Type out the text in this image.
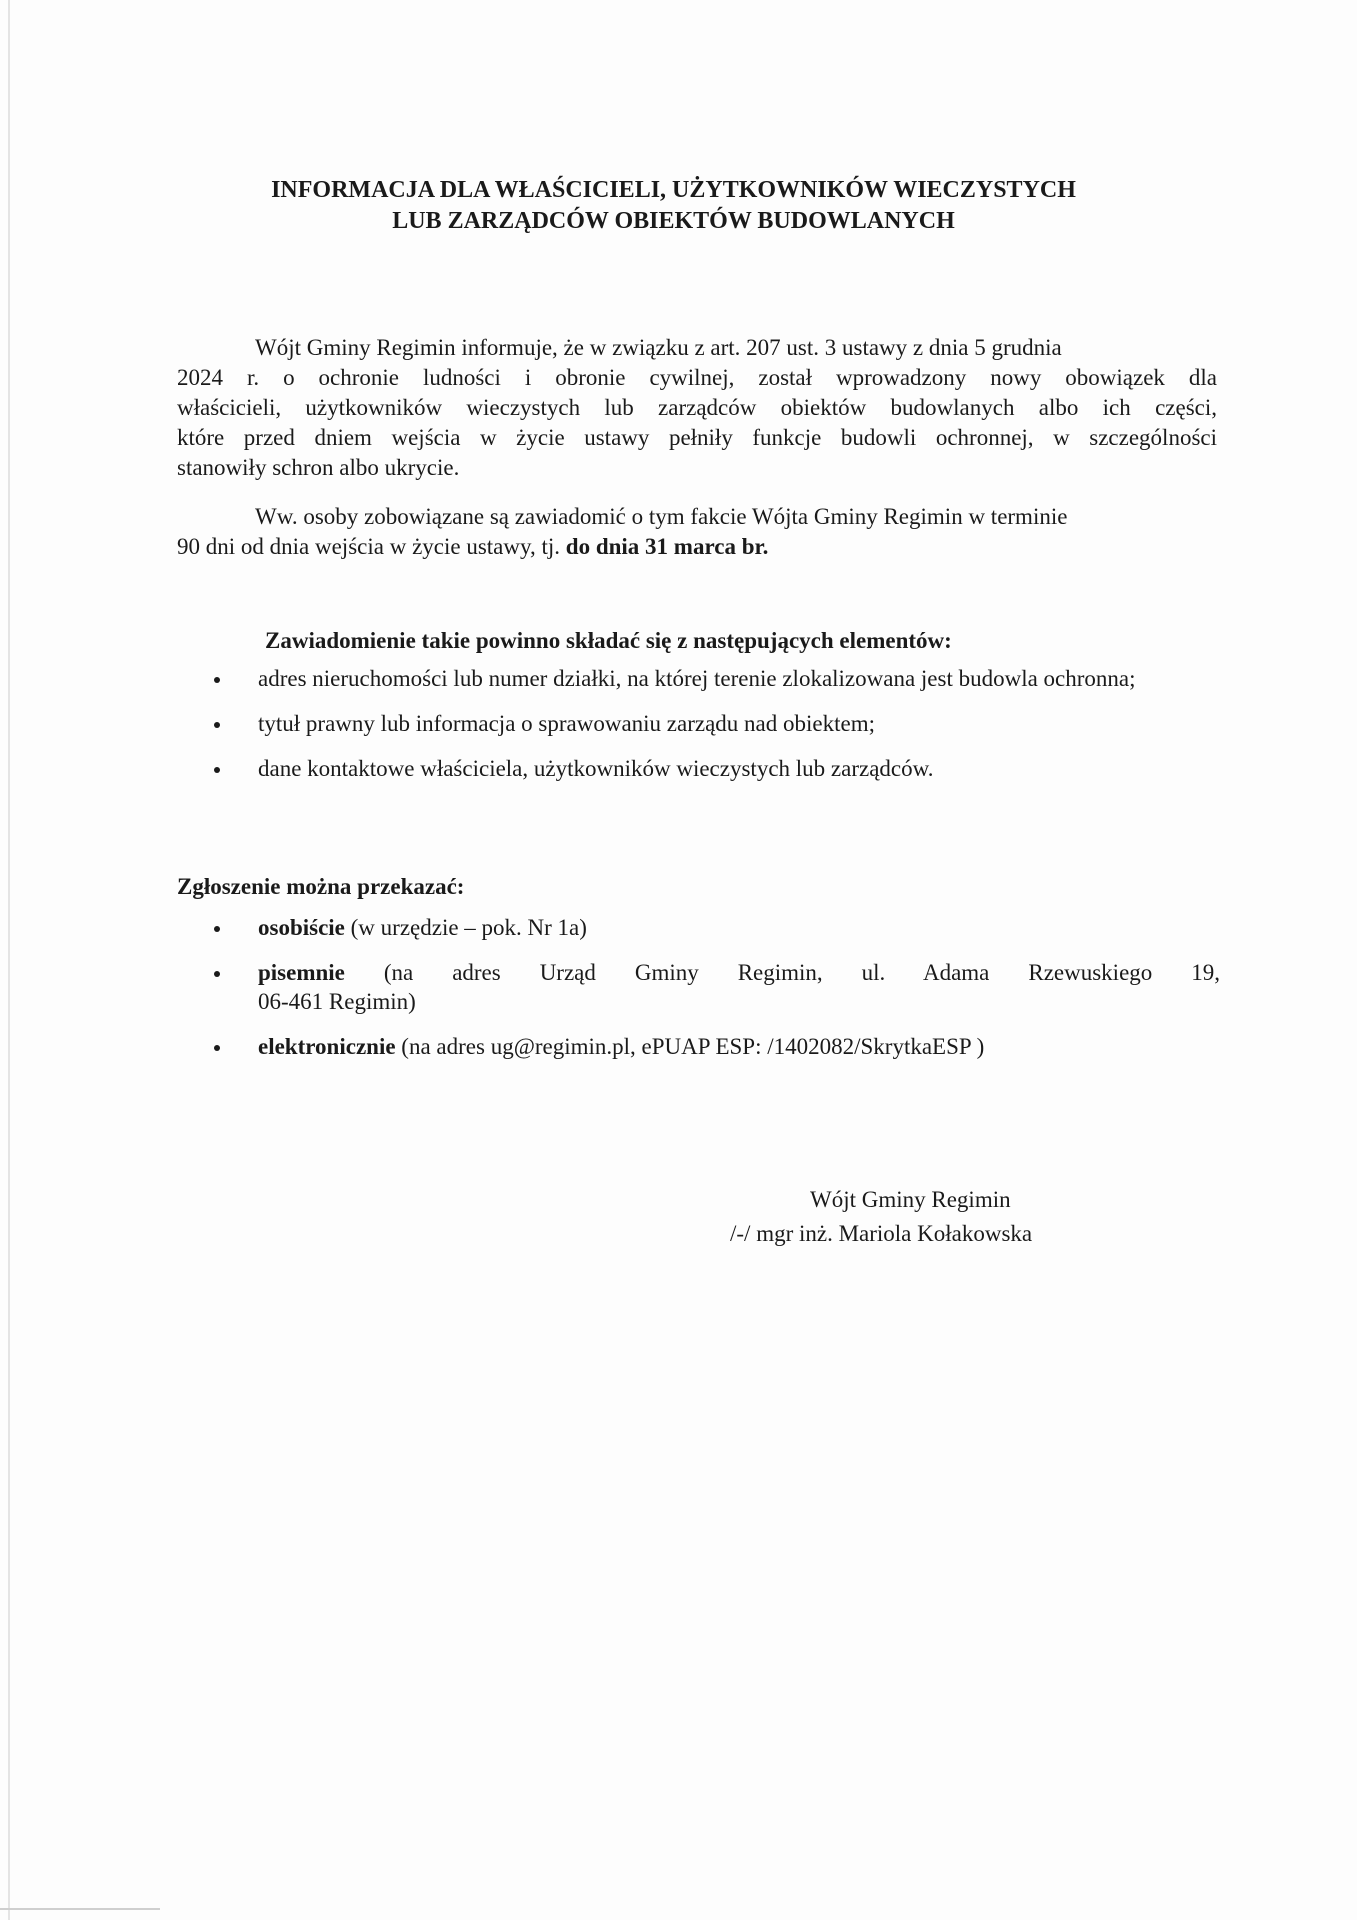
INFORMACJA DLA WŁAŚCICIELI, UŻYTKOWNIKÓW WIECZYSTYCH
LUB ZARZĄDCÓW OBIEKTÓW BUDOWLANYCH
Wójt Gminy Regimin informuje, że w związku z art. 207 ust. 3 ustawy z dnia 5 grudnia
2024 r. o ochronie ludności i obronie cywilnej, został wprowadzony nowy obowiązek dla
właścicieli, użytkowników wieczystych lub zarządców obiektów budowlanych albo ich części,
które przed dniem wejścia w życie ustawy pełniły funkcje budowli ochronnej, w szczególności
stanowiły schron albo ukrycie.
Ww. osoby zobowiązane są zawiadomić o tym fakcie Wójta Gminy Regimin w terminie
90 dni od dnia wejścia w życie ustawy, tj. do dnia 31 marca br.
Zawiadomienie takie powinno składać się z następujących elementów:
adres nieruchomości lub numer działki, na której terenie zlokalizowana jest budowla ochronna;
tytuł prawny lub informacja o sprawowaniu zarządu nad obiektem;
dane kontaktowe właściciela, użytkowników wieczystych lub zarządców.
Zgłoszenie można przekazać:
osobiście (w urzędzie – pok. Nr 1a)
pisemnie (na adres Urząd Gminy Regimin, ul. Adama Rzewuskiego 19,
06-461 Regimin)
elektronicznie (na adres ug@regimin.pl, ePUAP ESP: /1402082/SkrytkaESP )
Wójt Gminy Regimin
/-/ mgr inż. Mariola Kołakowska
